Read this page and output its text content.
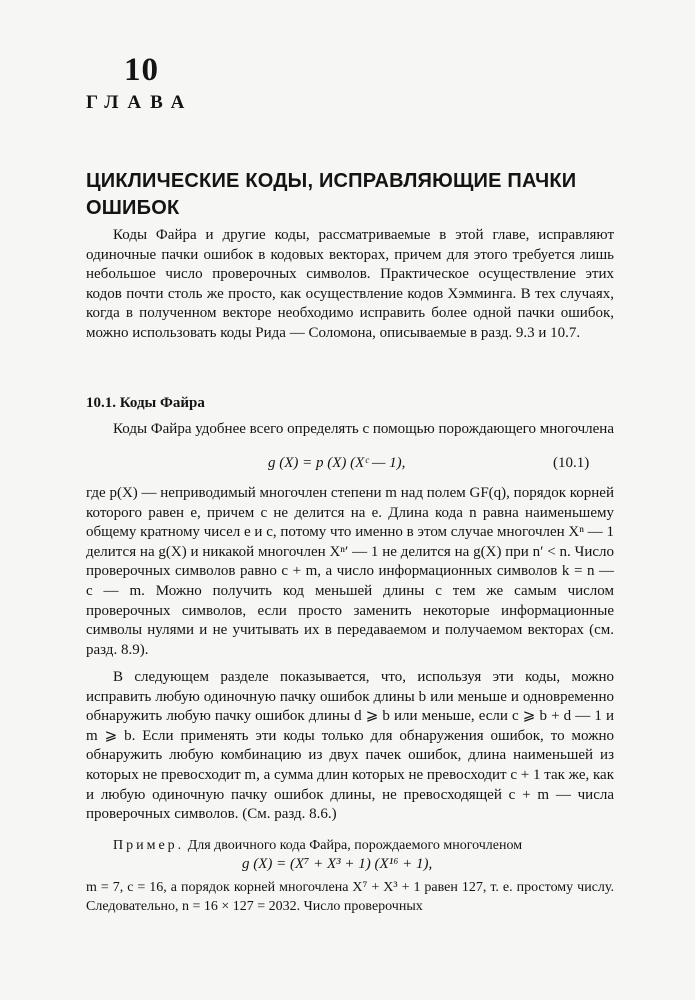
10
ГЛАВА
ЦИКЛИЧЕСКИЕ КОДЫ, ИСПРАВЛЯЮЩИЕ ПАЧКИ ОШИБОК

Коды Файра и другие коды, рассматриваемые в этой главе, исправляют одиночные пачки ошибок в кодовых векторах, причем для этого требуется лишь небольшое число проверочных символов. Практическое осуществление этих кодов почти столь же просто, как осуществление кодов Хэмминга. В тех случаях, когда в полученном векторе необходимо исправить более одной пачки ошибок, можно использовать коды Рида — Соломона, описываемые в разд. 9.3 и 10.7.

10.1. Коды Файра

Коды Файра удобнее всего определять с помощью порождающего многочлена

g (X) = p (X) (Xᶜ — 1),	(10.1)

где p(X) — неприводимый многочлен степени m над полем GF(q), порядок корней которого равен e, причем c не делится на e. Длина кода n равна наименьшему общему кратному чисел e и c, потому что именно в этом случае многочлен Xⁿ — 1 делится на g(X) и никакой многочлен Xⁿ′ — 1 не делится на g(X) при n′ < n. Число проверочных символов равно c + m, а число информационных символов k = n — c — m. Можно получить код меньшей длины с тем же самым числом проверочных символов, если просто заменить некоторые информационные символы нулями и не учитывать их в передаваемом и получаемом векторах (см. разд. 8.9).

В следующем разделе показывается, что, используя эти коды, можно исправить любую одиночную пачку ошибок длины b или меньше и одновременно обнаружить любую пачку ошибок длины d ⩾ b или меньше, если c ⩾ b + d — 1 и m ⩾ b. Если применять эти коды только для обнаружения ошибок, то можно обнаружить любую комбинацию из двух пачек ошибок, длина наименьшей из которых не превосходит m, а сумма длин которых не превосходит c + 1 так же, как и любую одиночную пачку ошибок длины, не превосходящей c + m — числа проверочных символов. (См. разд. 8.6.)

Пример. Для двоичного кода Файра, порождаемого многочленом
g (X) = (X⁷ + X³ + 1) (X¹⁶ + 1),

m = 7, c = 16, а порядок корней многочлена X⁷ + X³ + 1 равен 127, т. е. простому числу. Следовательно, n = 16 × 127 = 2032. Число проверочных
